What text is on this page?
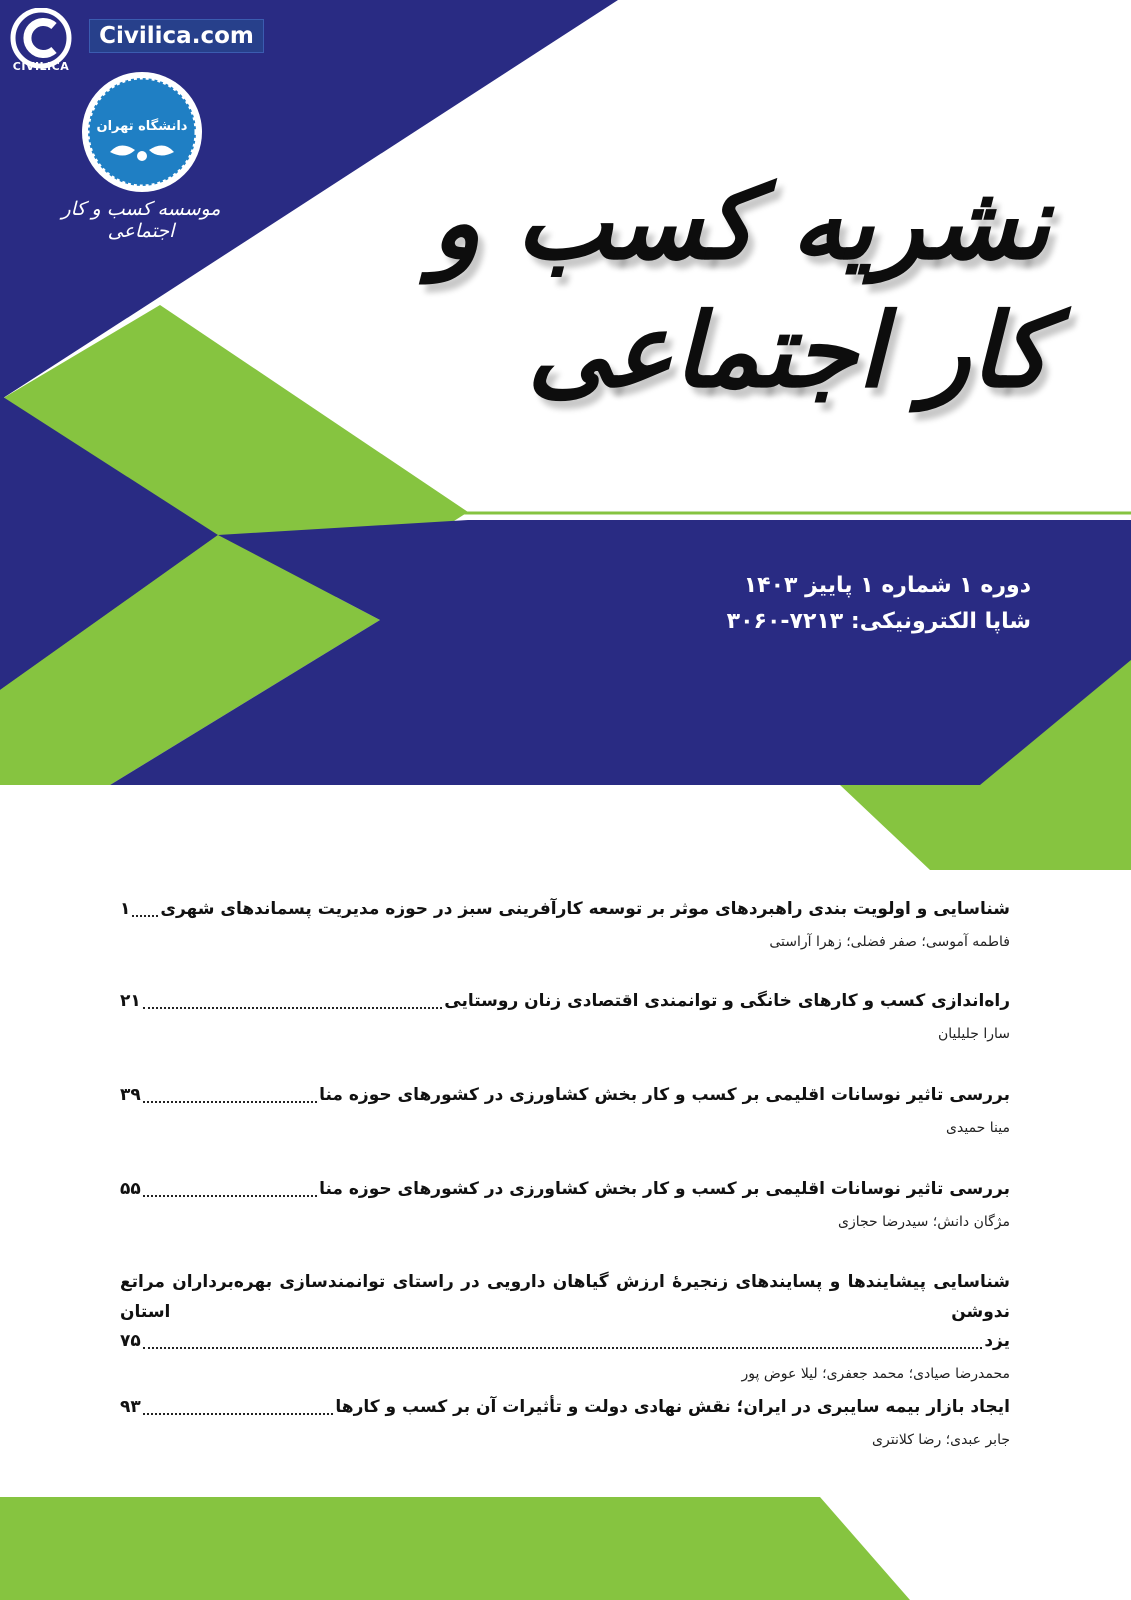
Civilica.com
CIVILICA
دانشگاه تهران
موسسه کسب و کار اجتماعی	نشریه کسب و کار اجتماعی
دوره ۱ شماره ۱ پاییز ۱۴۰۳
شاپا الکترونیکی: ۷۲۱۳-۳۰۶۰
شناسایی و اولویت بندی راهبردهای موثر بر توسعه کارآفرینی سبز در حوزه مدیریت پسماندهای شهری
۱
فاطمه آموسی؛ صفر فضلی؛ زهرا آراستی
راه‌اندازی کسب و کارهای خانگی و توانمندی اقتصادی زنان روستایی
۲۱
سارا جلیلیان
بررسی تاثیر نوسانات اقلیمی بر کسب و کار بخش کشاورزی در کشورهای حوزه منا
۳۹
مینا حمیدی
بررسی تاثیر نوسانات اقلیمی بر کسب و کار بخش کشاورزی در کشورهای حوزه منا
۵۵
مژگان دانش؛ سیدرضا حجازی
شناسایی پیشایندها و پسایندهای زنجیرهٔ ارزش گیاهان دارویی در راستای توانمندسازی بهره‌برداران مراتع ندوشن استان
یزد
۷۵
محمدرضا صیادی؛ محمد جعفری؛ لیلا عوض پور
ایجاد بازار بیمه سایبری در ایران؛ نقش نهادی دولت و تأثیرات آن بر کسب و کارها
۹۳
جابر عبدی؛ رضا کلانتری
